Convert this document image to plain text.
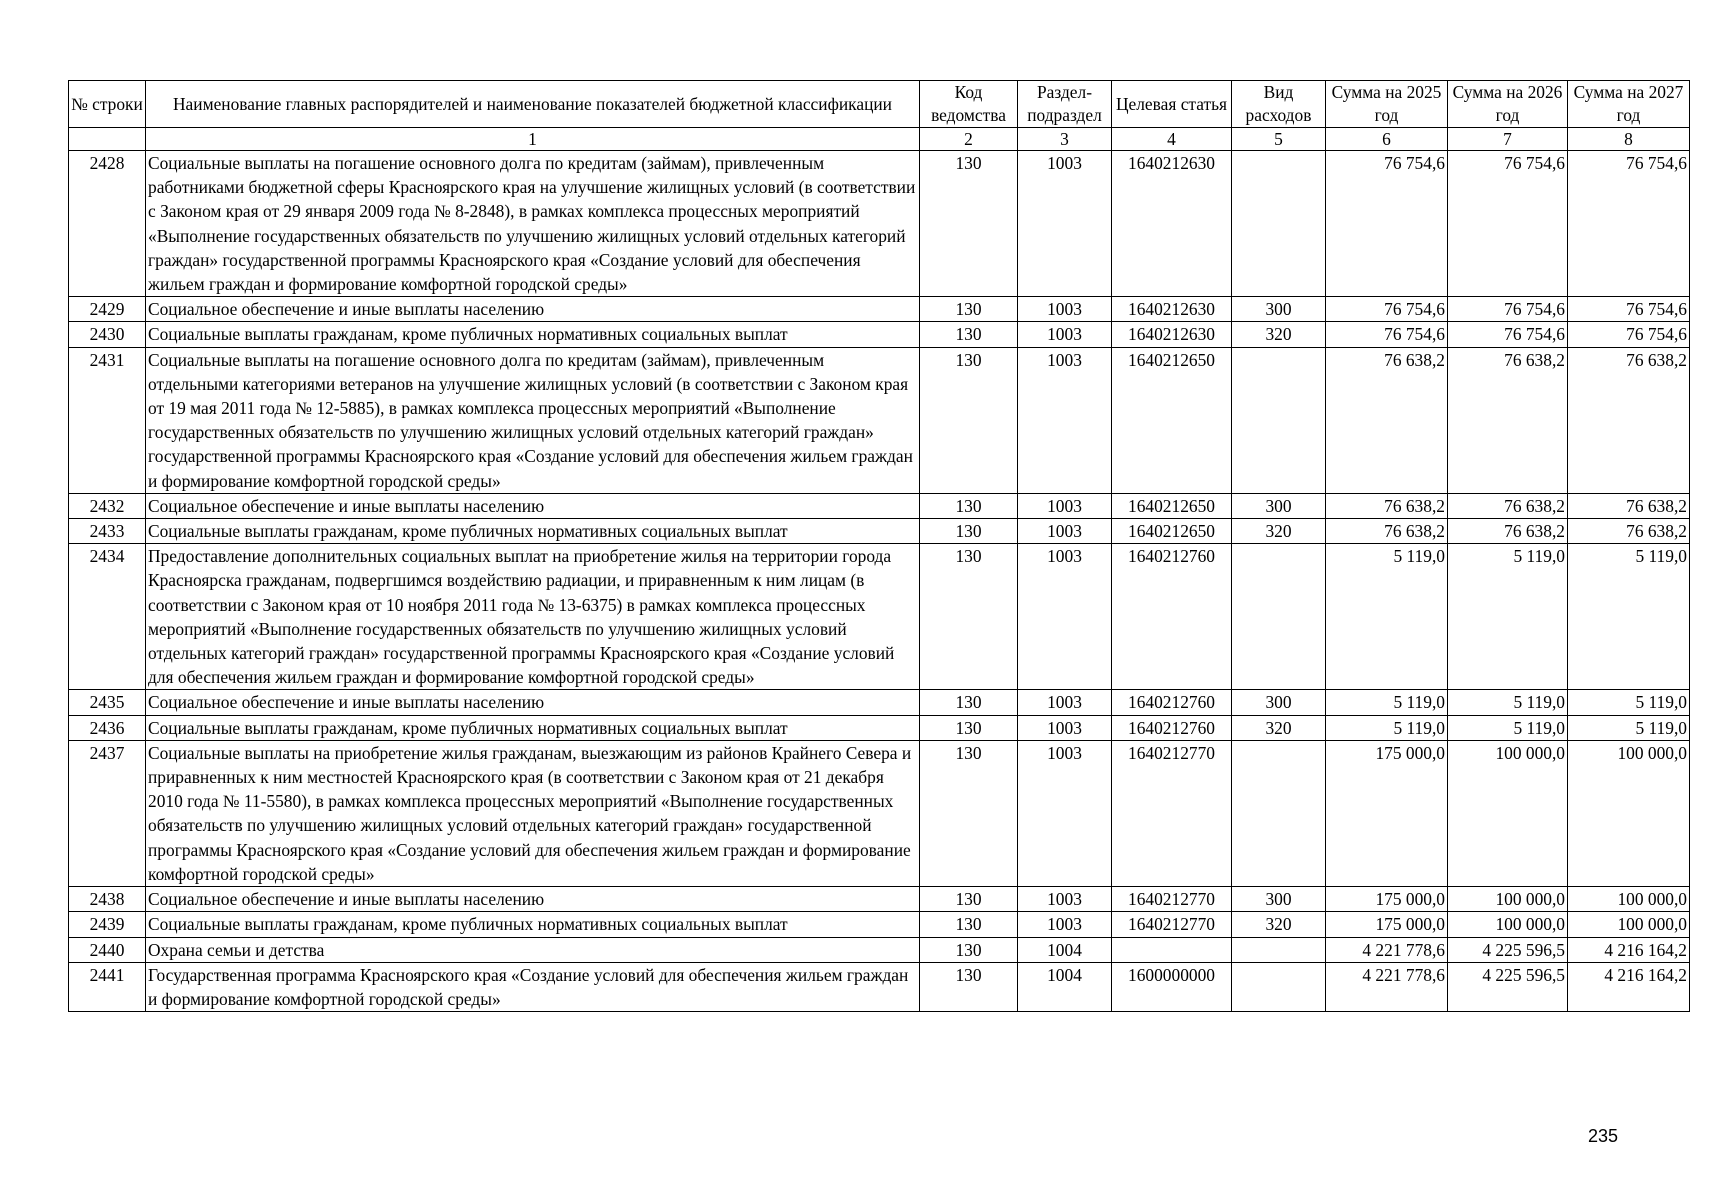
№ строки	Наименование главных распорядителей и наименование показателей бюджетной классификации	Код ведомства	Раздел-подраздел	Целевая статья	Вид расходов	Сумма на 2025 год	Сумма на 2026 год	Сумма на 2027 год
	1	2	3	4	5	6	7	8
2428	Социальные выплаты на погашение основного долга по кредитам (займам), привлеченным работниками бюджетной сферы Красноярского края на улучшение жилищных условий (в соответствии с Законом края от 29 января 2009 года № 8-2848), в рамках комплекса процессных мероприятий «Выполнение государственных обязательств по улучшению жилищных условий отдельных категорий граждан» государственной программы Красноярского края «Создание условий для обеспечения жильем граждан и формирование комфортной городской среды»	130	1003	1640212630		76 754,6	76 754,6	76 754,6
2429	Социальное обеспечение и иные выплаты населению	130	1003	1640212630	300	76 754,6	76 754,6	76 754,6
2430	Социальные выплаты гражданам, кроме публичных нормативных социальных выплат	130	1003	1640212630	320	76 754,6	76 754,6	76 754,6
2431	Социальные выплаты на погашение основного долга по кредитам (займам), привлеченным отдельными категориями ветеранов на улучшение жилищных условий (в соответствии с Законом края от 19 мая 2011 года № 12-5885), в рамках комплекса процессных мероприятий «Выполнение государственных обязательств по улучшению жилищных условий отдельных категорий граждан» государственной программы Красноярского края «Создание условий для обеспечения жильем граждан и формирование комфортной городской среды»	130	1003	1640212650		76 638,2	76 638,2	76 638,2
2432	Социальное обеспечение и иные выплаты населению	130	1003	1640212650	300	76 638,2	76 638,2	76 638,2
2433	Социальные выплаты гражданам, кроме публичных нормативных социальных выплат	130	1003	1640212650	320	76 638,2	76 638,2	76 638,2
2434	Предоставление дополнительных социальных выплат на приобретение жилья на территории города Красноярска гражданам, подвергшимся воздействию радиации, и приравненным к ним лицам (в соответствии с Законом края от 10 ноября 2011 года № 13-6375) в рамках комплекса процессных мероприятий «Выполнение государственных обязательств по улучшению жилищных условий отдельных категорий граждан» государственной программы Красноярского края «Создание условий для обеспечения жильем граждан и формирование комфортной городской среды»	130	1003	1640212760		5 119,0	5 119,0	5 119,0
2435	Социальное обеспечение и иные выплаты населению	130	1003	1640212760	300	5 119,0	5 119,0	5 119,0
2436	Социальные выплаты гражданам, кроме публичных нормативных социальных выплат	130	1003	1640212760	320	5 119,0	5 119,0	5 119,0
2437	Социальные выплаты на приобретение жилья гражданам, выезжающим из районов Крайнего Севера и приравненных к ним местностей Красноярского края (в соответствии с Законом края от 21 декабря 2010 года № 11-5580), в рамках комплекса процессных мероприятий «Выполнение государственных обязательств по улучшению жилищных условий отдельных категорий граждан» государственной программы Красноярского края «Создание условий для обеспечения жильем граждан и формирование комфортной городской среды»	130	1003	1640212770		175 000,0	100 000,0	100 000,0
2438	Социальное обеспечение и иные выплаты населению	130	1003	1640212770	300	175 000,0	100 000,0	100 000,0
2439	Социальные выплаты гражданам, кроме публичных нормативных социальных выплат	130	1003	1640212770	320	175 000,0	100 000,0	100 000,0
2440	Охрана семьи и детства	130	1004			4 221 778,6	4 225 596,5	4 216 164,2
2441	Государственная программа Красноярского края «Создание условий для обеспечения жильем граждан и формирование комфортной городской среды»	130	1004	1600000000		4 221 778,6	4 225 596,5	4 216 164,2
235
